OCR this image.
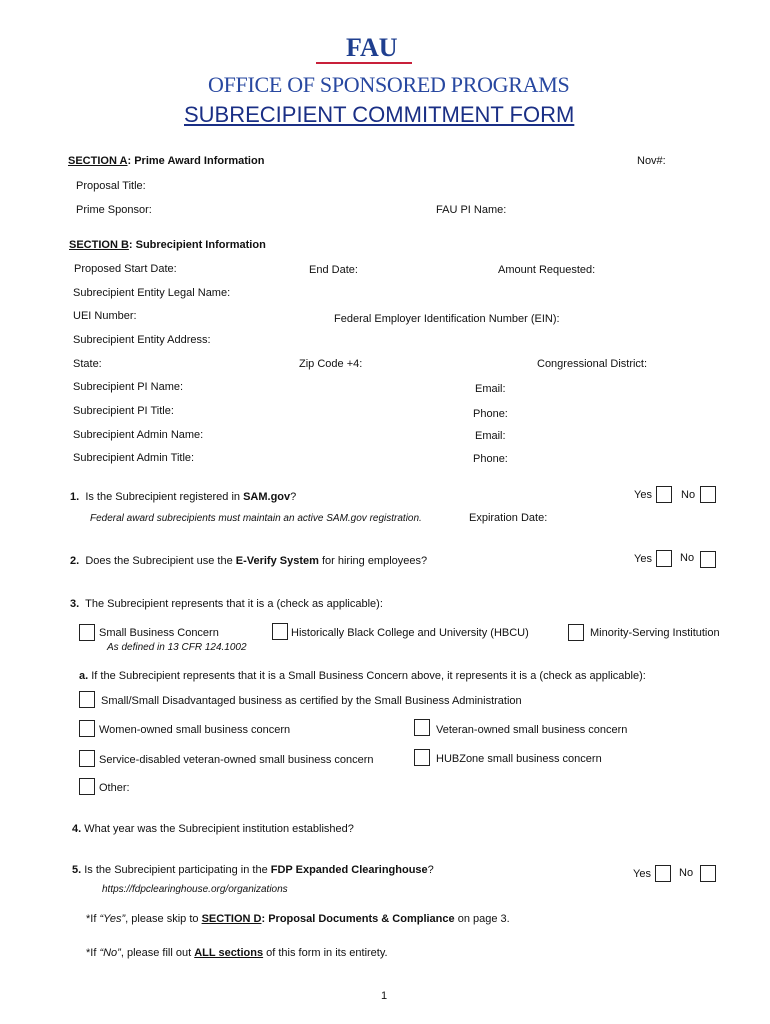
FAU
OFFICE OF SPONSORED PROGRAMS
SUBRECIPIENT COMMITMENT FORM
SECTION A: Prime Award Information	Nov#:
Proposal Title:
Prime Sponsor:	FAU PI Name:
SECTION B: Subrecipient Information
Proposed Start Date:	End Date:	Amount Requested:
Subrecipient Entity Legal Name:
UEI Number:	Federal Employer Identification Number (EIN):
Subrecipient Entity Address:
State:	Zip Code +4:	Congressional District:
Subrecipient PI Name:	Email:
Subrecipient PI Title:	Phone:
Subrecipient Admin Name:	Email:
Subrecipient Admin Title:	Phone:
1. Is the Subrecipient registered in SAM.gov?	Yes	No
Federal award subrecipients must maintain an active SAM.gov registration.	Expiration Date:
2. Does the Subrecipient use the E-Verify System for hiring employees?	Yes	No
3. The Subrecipient represents that it is a (check as applicable):
Small Business Concern
As defined in 13 CFR 124.1002
Historically Black College and University (HBCU)	Minority-Serving Institution
a. If the Subrecipient represents that it is a Small Business Concern above, it represents it is a (check as applicable):
Small/Small Disadvantaged business as certified by the Small Business Administration
Women-owned small business concern	Veteran-owned small business concern
Service-disabled veteran-owned small business concern	HUBZone small business concern
Other:
4. What year was the Subrecipient institution established?
5. Is the Subrecipient participating in the FDP Expanded Clearinghouse?
https://fdpclearinghouse.org/organizations
Yes	No
*If “Yes”, please skip to SECTION D: Proposal Documents & Compliance on page 3.
*If “No”, please fill out ALL sections of this form in its entirety.
1
